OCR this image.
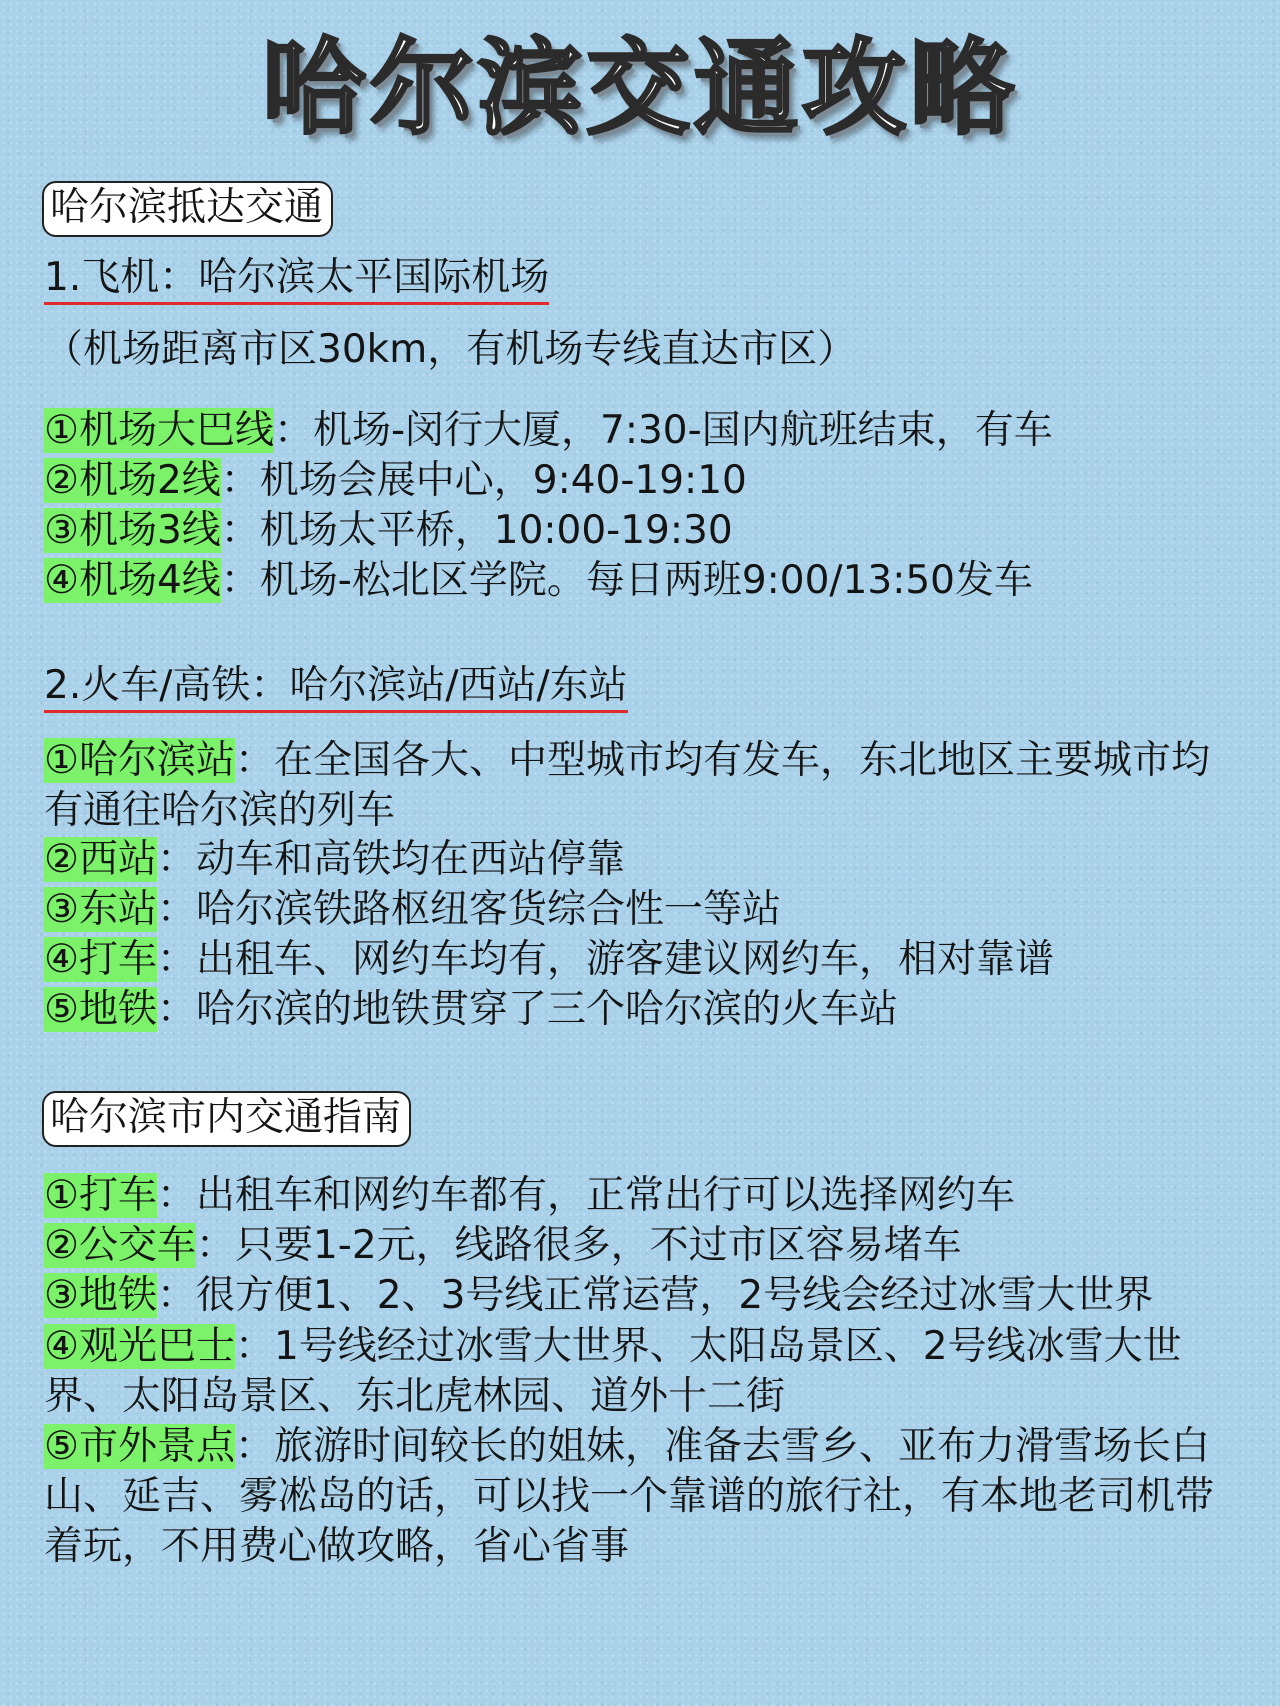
哈尔滨交通攻略
哈尔滨抵达交通
1.飞机：哈尔滨太平国际机场
（机场距离市区30km，有机场专线直达市区）
①机场大巴线：机场-闵行大厦，7:30-国内航班结束，有车
②机场2线：机场会展中心，9:40-19:10
③机场3线：机场太平桥，10:00-19:30
④机场4线：机场-松北区学院。每日两班9:00/13:50发车
2.火车/高铁：哈尔滨站/西站/东站
①哈尔滨站：在全国各大、中型城市均有发车，东北地区主要城市均有通往哈尔滨的列车
②西站：动车和高铁均在西站停靠
③东站：哈尔滨铁路枢纽客货综合性一等站
④打车：出租车、网约车均有，游客建议网约车，相对靠谱
⑤地铁：哈尔滨的地铁贯穿了三个哈尔滨的火车站
哈尔滨市内交通指南
①打车：出租车和网约车都有，正常出行可以选择网约车
②公交车：只要1-2元，线路很多，不过市区容易堵车
③地铁：很方便1、2、3号线正常运营，2号线会经过冰雪大世界
④观光巴士：1号线经过冰雪大世界、太阳岛景区、2号线冰雪大世界、太阳岛景区、东北虎林园、道外十二街
⑤市外景点：旅游时间较长的姐妹，准备去雪乡、亚布力滑雪场长白山、延吉、雾凇岛的话，可以找一个靠谱的旅行社，有本地老司机带着玩，不用费心做攻略，省心省事
